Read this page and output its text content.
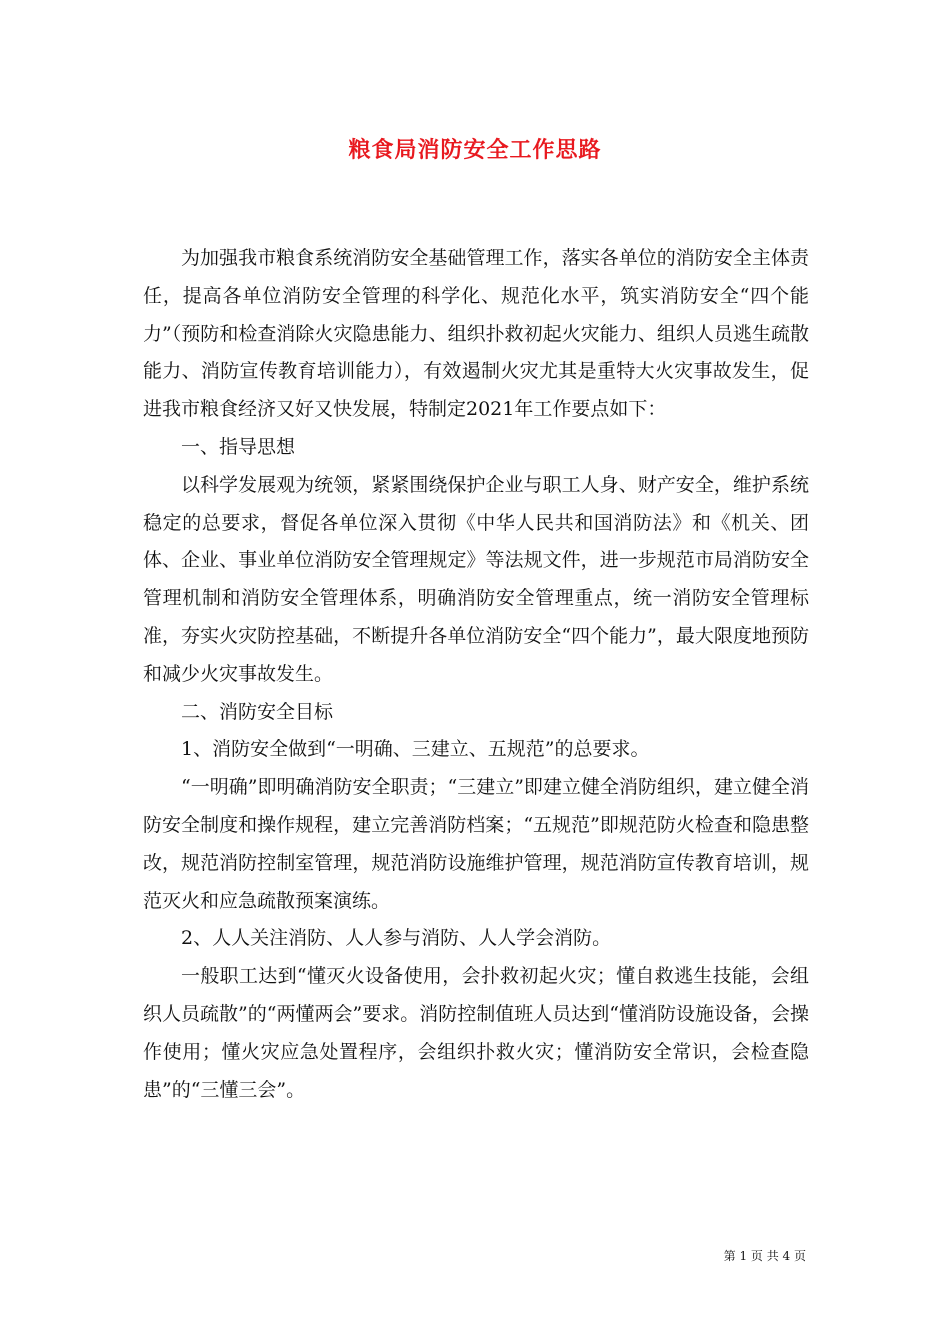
粮食局消防安全工作思路

为加强我市粮食系统消防安全基础管理工作，落实各单位的消防安全主体责任，提高各单位消防安全管理的科学化、规范化水平，筑实消防安全“四个能力”（预防和检查消除火灾隐患能力、组织扑救初起火灾能力、组织人员逃生疏散能力、消防宣传教育培训能力），有效遏制火灾尤其是重特大火灾事故发生，促进我市粮食经济又好又快发展，特制定2021年工作要点如下：

一、指导思想

以科学发展观为统领，紧紧围绕保护企业与职工人身、财产安全，维护系统稳定的总要求，督促各单位深入贯彻《中华人民共和国消防法》和《机关、团体、企业、事业单位消防安全管理规定》等法规文件，进一步规范市局消防安全管理机制和消防安全管理体系，明确消防安全管理重点，统一消防安全管理标准，夯实火灾防控基础，不断提升各单位消防安全“四个能力”，最大限度地预防和减少火灾事故发生。

二、消防安全目标

1、消防安全做到“一明确、三建立、五规范”的总要求。

“一明确”即明确消防安全职责；“三建立”即建立健全消防组织，建立健全消防安全制度和操作规程，建立完善消防档案；“五规范”即规范防火检查和隐患整改，规范消防控制室管理，规范消防设施维护管理，规范消防宣传教育培训，规范灭火和应急疏散预案演练。

2、人人关注消防、人人参与消防、人人学会消防。

一般职工达到“懂灭火设备使用，会扑救初起火灾；懂自救逃生技能，会组织人员疏散”的“两懂两会”要求。消防控制值班人员达到“懂消防设施设备，会操作使用；懂火灾应急处置程序，会组织扑救火灾；懂消防安全常识，会检查隐患”的“三懂三会”。

第 1 页 共 4 页
